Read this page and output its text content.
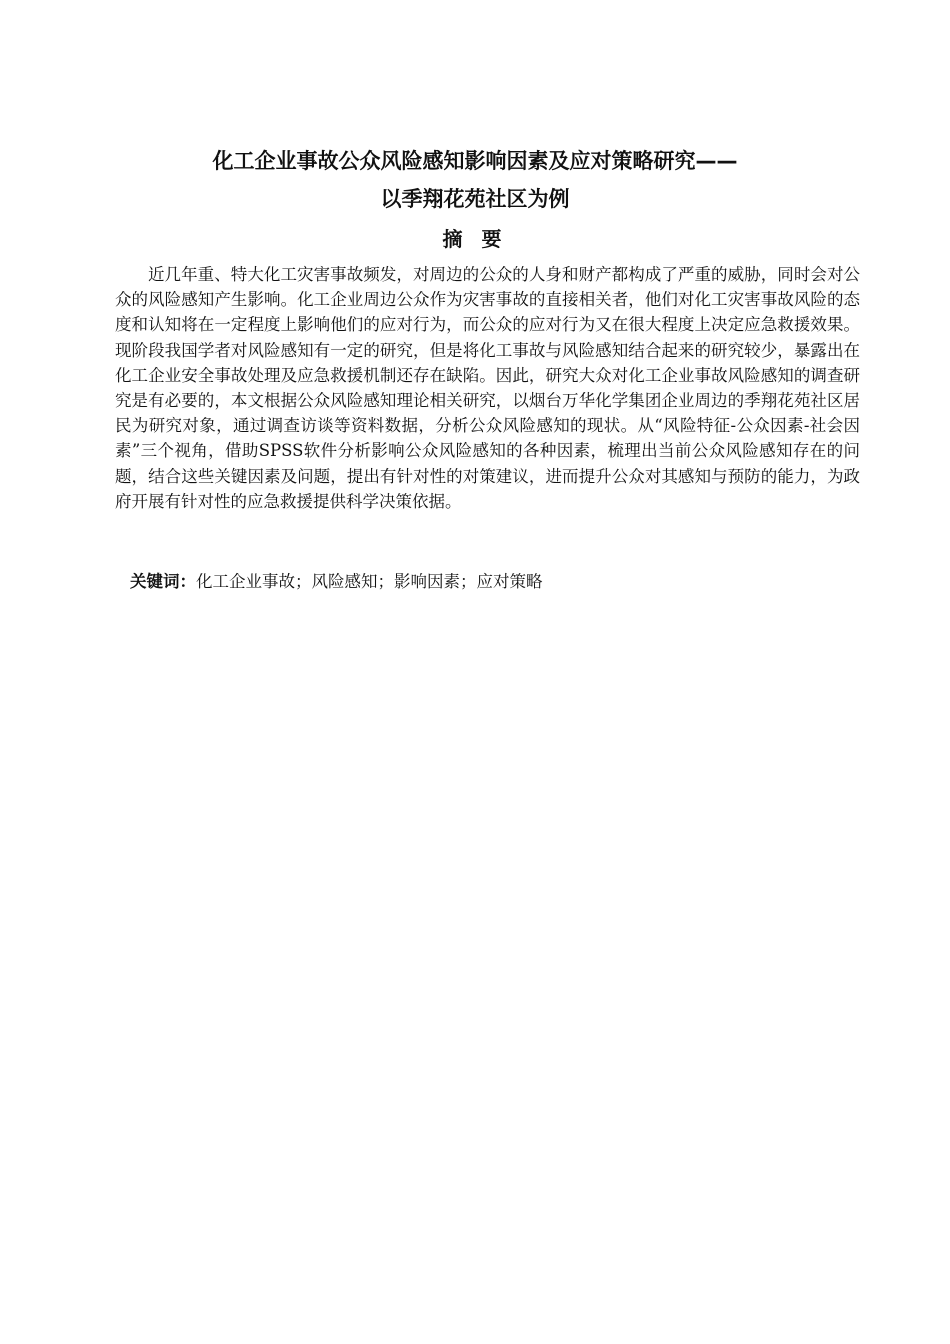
化工企业事故公众风险感知影响因素及应对策略研究——
以季翔花苑社区为例
摘 要

近几年重、特大化工灾害事故频发，对周边的公众的人身和财产都构成了严重的威胁，同时会对公众的风险感知产生影响。化工企业周边公众作为灾害事故的直接相关者，他们对化工灾害事故风险的态度和认知将在一定程度上影响他们的应对行为，而公众的应对行为又在很大程度上决定应急救援效果。现阶段我国学者对风险感知有一定的研究，但是将化工事故与风险感知结合起来的研究较少，暴露出在化工企业安全事故处理及应急救援机制还存在缺陷。因此，研究大众对化工企业事故风险感知的调查研究是有必要的，本文根据公众风险感知理论相关研究，以烟台万华化学集团企业周边的季翔花苑社区居民为研究对象，通过调查访谈等资料数据，分析公众风险感知的现状。从“风险特征-公众因素-社会因素”三个视角，借助SPSS软件分析影响公众风险感知的各种因素，梳理出当前公众风险感知存在的问题，结合这些关键因素及问题，提出有针对性的对策建议，进而提升公众对其感知与预防的能力，为政府开展有针对性的应急救援提供科学决策依据。

关键词：化工企业事故；风险感知；影响因素；应对策略
